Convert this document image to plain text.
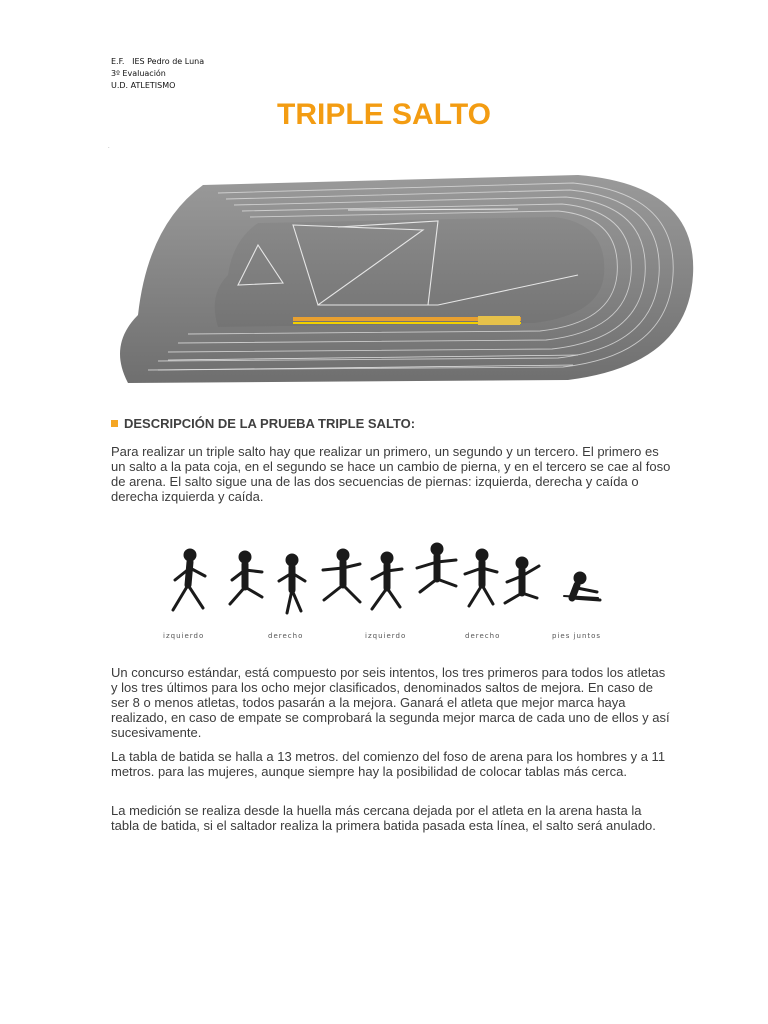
E.F.   IES Pedro de Luna
3º Evaluación
U.D. ATLETISMO
TRIPLE SALTO
.
DESCRIPCIÓN DE LA PRUEBA TRIPLE SALTO:
Para realizar un triple salto hay que realizar un primero, un segundo y un tercero. El primero es un salto a la pata coja, en el segundo se hace un cambio de pierna, y en el tercero se cae al foso de arena. El salto sigue una de las dos secuencias de piernas: izquierda, derecha y caída o derecha izquierda y caída.
izquierdo	derecho	izquierdo	derecho	pies juntos
Un concurso estándar, está compuesto por seis intentos, los tres primeros para todos los atletas y los tres últimos para los ocho mejor clasificados, denominados saltos de mejora. En caso de ser 8 o menos atletas, todos pasarán a la mejora. Ganará el atleta que mejor marca haya realizado, en caso de empate se comprobará la segunda mejor marca de cada uno de ellos y así sucesivamente.
La tabla de batida se halla a 13 metros. del comienzo del foso de arena para los hombres y a 11 metros. para las mujeres, aunque siempre hay la posibilidad de colocar tablas más cerca.
La medición se realiza desde la huella más cercana dejada por el atleta en la arena hasta la tabla de batida, si el saltador realiza la primera batida pasada esta línea, el salto será anulado.
